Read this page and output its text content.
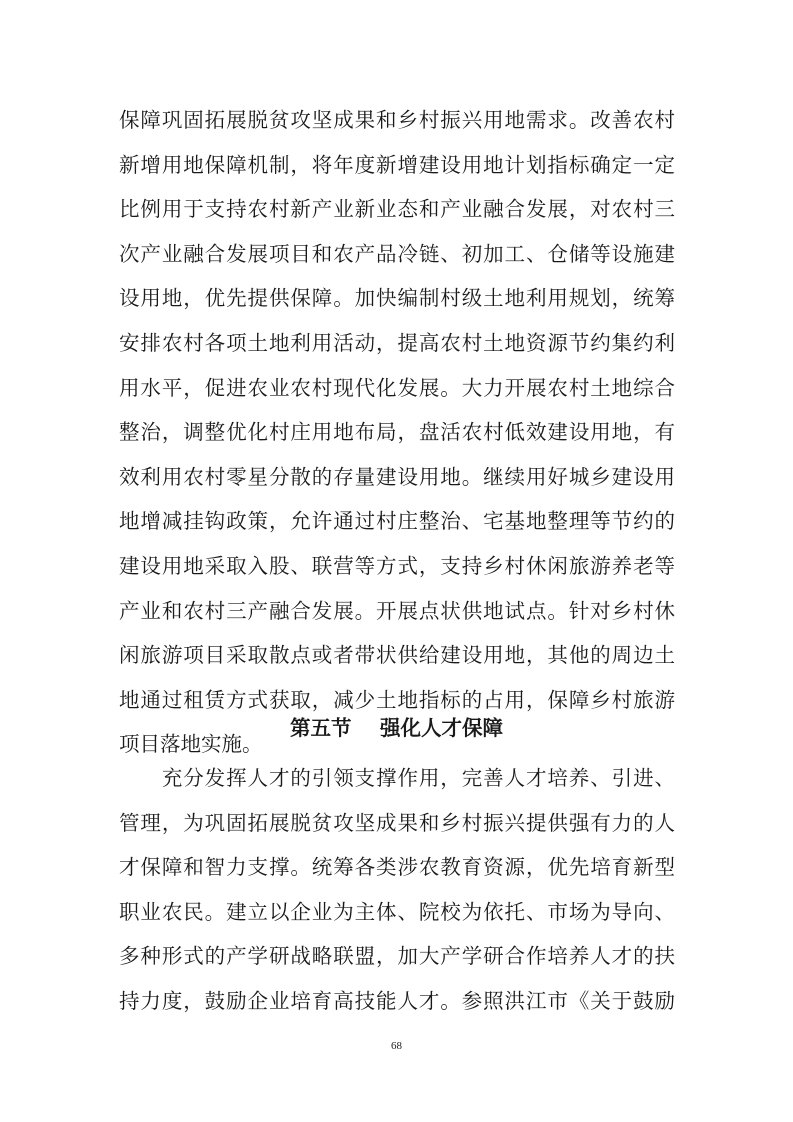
保障巩固拓展脱贫攻坚成果和乡村振兴用地需求。改善农村
新增用地保障机制，将年度新增建设用地计划指标确定一定
比例用于支持农村新产业新业态和产业融合发展，对农村三
次产业融合发展项目和农产品冷链、初加工、仓储等设施建
设用地，优先提供保障。加快编制村级土地利用规划，统筹
安排农村各项土地利用活动，提高农村土地资源节约集约利
用水平，促进农业农村现代化发展。大力开展农村土地综合
整治，调整优化村庄用地布局，盘活农村低效建设用地，有
效利用农村零星分散的存量建设用地。继续用好城乡建设用
地增减挂钩政策，允许通过村庄整治、宅基地整理等节约的
建设用地采取入股、联营等方式，支持乡村休闲旅游养老等
产业和农村三产融合发展。开展点状供地试点。针对乡村休
闲旅游项目采取散点或者带状供给建设用地，其他的周边土
地通过租赁方式获取，减少土地指标的占用，保障乡村旅游
项目落地实施。
第五节    强化人才保障
　　充分发挥人才的引领支撑作用，完善人才培养、引进、
管理，为巩固拓展脱贫攻坚成果和乡村振兴提供强有力的人
才保障和智力支撑。统筹各类涉农教育资源，优先培育新型
职业农民。建立以企业为主体、院校为依托、市场为导向、
多种形式的产学研战略联盟，加大产学研合作培养人才的扶
持力度，鼓励企业培育高技能人才。参照洪江市《关于鼓励
68
